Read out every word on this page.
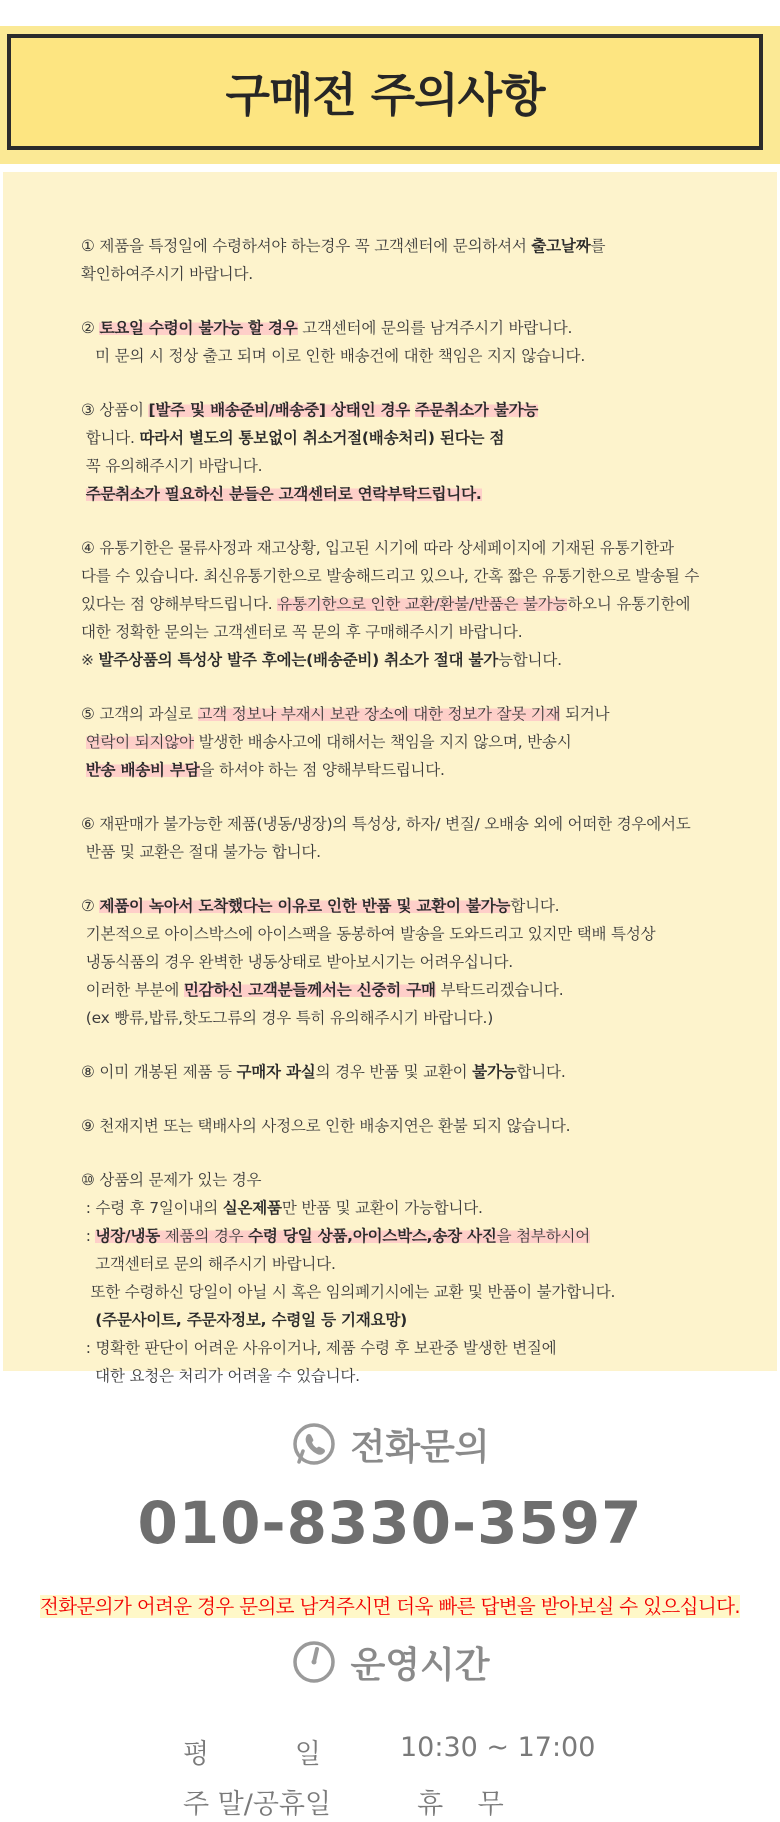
구매전 주의사항
① 제품을 특정일에 수령하셔야 하는경우 꼭 고객센터에 문의하셔서 출고날짜를
확인하여주시기 바랍니다.
② 토요일 수령이 불가능 할 경우 고객센터에 문의를 남겨주시기 바랍니다.
미 문의 시 정상 출고 되며 이로 인한 배송건에 대한 책임은 지지 않습니다.
③ 상품이 [발주 및 배송준비/배송중] 상태인 경우 주문취소가 불가능
합니다. 따라서 별도의 통보없이 취소거절(배송처리) 된다는 점
꼭 유의해주시기 바랍니다.
주문취소가 필요하신 분들은 고객센터로 연락부탁드립니다.
④ 유통기한은 물류사정과 재고상황, 입고된 시기에 따라 상세페이지에 기재된 유통기한과
다를 수 있습니다. 최신유통기한으로 발송해드리고 있으나, 간혹 짧은 유통기한으로 발송될 수
있다는 점 양해부탁드립니다. 유통기한으로 인한 교환/환불/반품은 불가능하오니 유통기한에
대한 정확한 문의는 고객센터로 꼭 문의 후 구매해주시기 바랍니다.
※ 발주상품의 특성상 발주 후에는(배송준비) 취소가 절대 불가능합니다.
⑤ 고객의 과실로 고객 정보나 부재시 보관 장소에 대한 정보가 잘못 기재 되거나
연락이 되지않아 발생한 배송사고에 대해서는 책임을 지지 않으며, 반송시
반송 배송비 부담을 하셔야 하는 점 양해부탁드립니다.
⑥ 재판매가 불가능한 제품(냉동/냉장)의 특성상, 하자/ 변질/ 오배송 외에 어떠한 경우에서도
반품 및 교환은 절대 불가능 합니다.
⑦ 제품이 녹아서 도착했다는 이유로 인한 반품 및 교환이 불가능합니다.
기본적으로 아이스박스에 아이스팩을 동봉하여 발송을 도와드리고 있지만 택배 특성상
냉동식품의 경우 완벽한 냉동상태로 받아보시기는 어려우십니다.
이러한 부분에 민감하신 고객분들께서는 신중히 구매 부탁드리겠습니다.
(ex 빵류,밥류,핫도그류의 경우 특히 유의해주시기 바랍니다.)
⑧ 이미 개봉된 제품 등 구매자 과실의 경우 반품 및 교환이 불가능합니다.
⑨ 천재지변 또는 택배사의 사정으로 인한 배송지연은 환불 되지 않습니다.
⑩ 상품의 문제가 있는 경우
: 수령 후 7일이내의 실온제품만 반품 및 교환이 가능합니다.
: 냉장/냉동 제품의 경우 수령 당일 상품,아이스박스,송장 사진을 첨부하시어
고객센터로 문의 해주시기 바랍니다.
또한 수령하신 당일이 아닐 시 혹은 임의폐기시에는 교환 및 반품이 불가합니다.
(주문사이트, 주문자정보, 수령일 등 기재요망)
: 명확한 판단이 어려운 사유이거나, 제품 수령 후 보관중 발생한 변질에
대한 요청은 처리가 어려울 수 있습니다.
전화문의
010-8330-3597
전화문의가 어려운 경우 문의로 남겨주시면 더욱 빠른 답변을 받아보실 수 있으십니다.
운영시간
평          일	10:30 ~ 17:00
주 말/공휴일	휴    무
